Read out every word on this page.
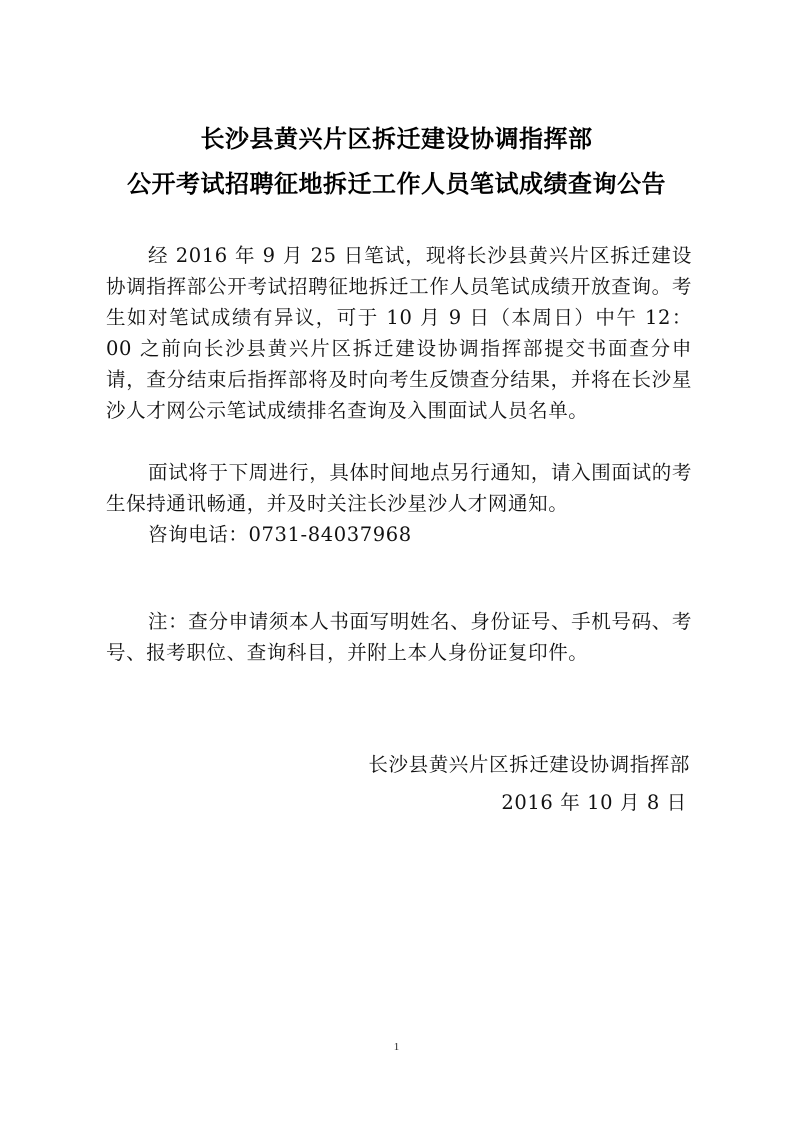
长沙县黄兴片区拆迁建设协调指挥部
公开考试招聘征地拆迁工作人员笔试成绩查询公告

经 2016 年 9 月 25 日笔试，现将长沙县黄兴片区拆迁建设协调指挥部公开考试招聘征地拆迁工作人员笔试成绩开放查询。考生如对笔试成绩有异议，可于 10 月 9 日（本周日）中午 12：00 之前向长沙县黄兴片区拆迁建设协调指挥部提交书面查分申请，查分结束后指挥部将及时向考生反馈查分结果，并将在长沙星沙人才网公示笔试成绩排名查询及入围面试人员名单。

面试将于下周进行，具体时间地点另行通知，请入围面试的考生保持通讯畅通，并及时关注长沙星沙人才网通知。

咨询电话：0731-84037968

注：查分申请须本人书面写明姓名、身份证号、手机号码、考号、报考职位、查询科目，并附上本人身份证复印件。

长沙县黄兴片区拆迁建设协调指挥部
2016 年 10 月 8 日
1
